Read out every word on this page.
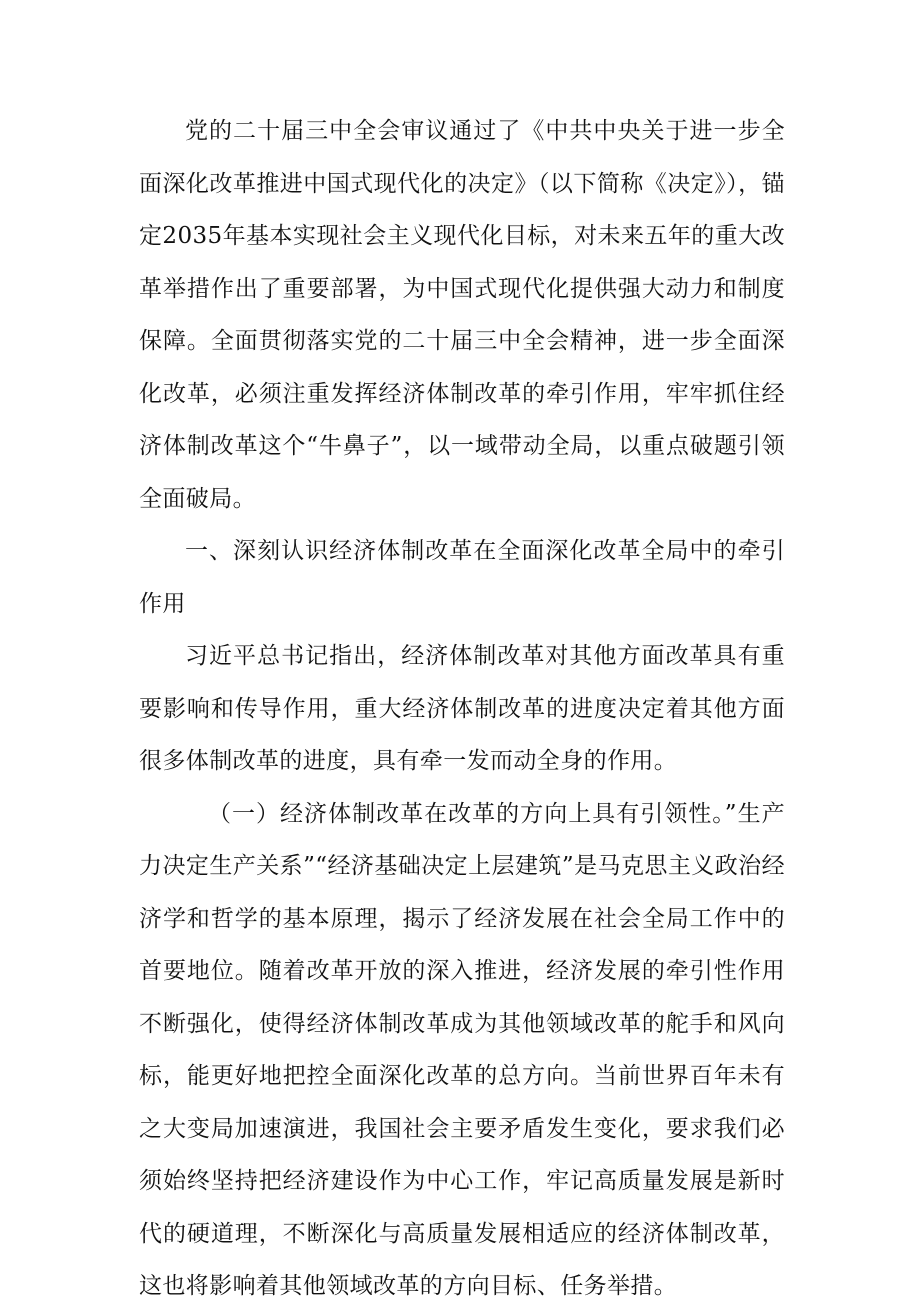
党的二十届三中全会审议通过了《中共中央关于进一步全面深化改革推进中国式现代化的决定》（以下简称《决定》），锚定2035年基本实现社会主义现代化目标，对未来五年的重大改革举措作出了重要部署，为中国式现代化提供强大动力和制度保障。全面贯彻落实党的二十届三中全会精神，进一步全面深化改革，必须注重发挥经济体制改革的牵引作用，牢牢抓住经济体制改革这个“牛鼻子”，以一域带动全局，以重点破题引领全面破局。

一、深刻认识经济体制改革在全面深化改革全局中的牵引作用

习近平总书记指出，经济体制改革对其他方面改革具有重要影响和传导作用，重大经济体制改革的进度决定着其他方面很多体制改革的进度，具有牵一发而动全身的作用。

（一）经济体制改革在改革的方向上具有引领性。”生产力决定生产关系”“经济基础决定上层建筑”是马克思主义政治经济学和哲学的基本原理，揭示了经济发展在社会全局工作中的首要地位。随着改革开放的深入推进，经济发展的牵引性作用不断强化，使得经济体制改革成为其他领域改革的舵手和风向标，能更好地把控全面深化改革的总方向。当前世界百年未有之大变局加速演进，我国社会主要矛盾发生变化，要求我们必须始终坚持把经济建设作为中心工作，牢记高质量发展是新时代的硬道理，不断深化与高质量发展相适应的经济体制改革，这也将影响着其他领域改革的方向目标、任务举措。
